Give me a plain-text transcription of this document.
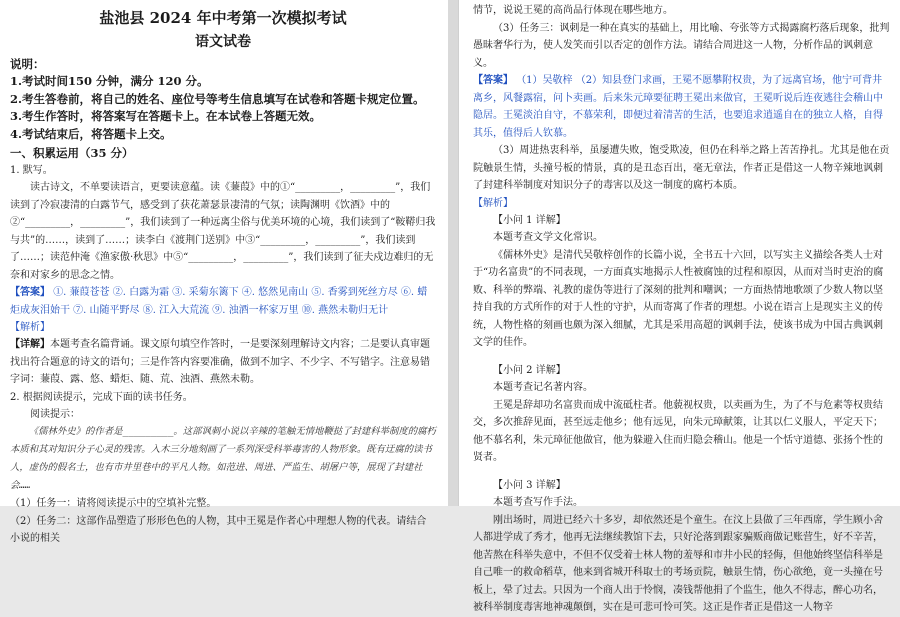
盐池县 2024 年中考第一次模拟考试
语文试卷
说明：
1.考试时间150 分钟，满分 120 分。
2.考生答卷前，将自己的姓名、座位号等考生信息填写在试卷和答题卡规定位置。
3.考生作答时，将答案写在答题卡上。在本试卷上答题无效。
4.考试结束后，将答题卡上交。
一、积累运用（35 分）
1. 默写。
读古诗文，不单要读语言，更要读意蕴。读《蒹葭》中的①“_________，_________”，我们读到了冷寂凄清的白露节气，感受到了获花萧瑟景凄清的气氛；读陶渊明《饮酒》中的②“_________，_________”，我们读到了一种远离尘俗与优美环境的心境，我们读到了“鞍鞯归我与共”的……，读到了……；读李白《渡荆门送别》中③“_________，_________”，我们读到了……；读范仲淹《渔家傲·秋思》中⑤“_________，_________”，我们读到了征夫戍边难归的无奈和对家乡的思念之情。
【答案】 ①. 蒹葭苍苍 ②. 白露为霜 ③. 采菊东篱下 ④. 悠然见南山 ⑤. 香雾到死丝方尽 ⑥. 蜡炬成灰泪始干 ⑦. 山随平野尽 ⑧. 江入大荒流 ⑨. 浊酒一杯家万里 ⑩. 燕然未勒归无计
【解析】
【详解】本题考查名篇背诵。课文原句填空作答时，一是要深刻理解诗文内容；二是要认真审题找出符合题意的诗文的语句；三是作答内容要准确，做到不加字、不少字、不写错字。注意易错字词：蒹葭、露、悠、蜡炬、随、荒、浊酒、燕然未勒。
2. 根据阅读提示，完成下面的读书任务。
阅读提示：
《儒林外史》的作者是_________。这部讽刺小说以辛辣的笔触无情地鞭挞了封建科举制度的腐朽本质和其对知识分子心灵的残害。入木三分地刻画了一系列深受科举毒害的人物形象。既有迂腐的读书人，虚伪的假名士，也有市井里巷中的平凡人物。如范进、周进、严监生、胡屠户等，展现了封建社会……
（1）任务一：请将阅读提示中的空填补完整。
（2）任务二：这部作品塑造了形形色色的人物，其中王冕是作者心中理想人物的代表。请结合小说的相关
情节，说说王冕的高尚品行体现在哪些地方。
（3）任务三：讽刺是一种在真实的基础上，用比喻、夸张等方式揭露腐朽落后现象，批判愚昧奢华行为，使人发笑而引以否定的创作方法。请结合周进这一人物，分析作品的讽刺意义。
【答案】 （1）吴敬梓 （2）知县登门求画，王冕不愿攀附权贵，为了远离官场，他宁可背井离乡，风餐露宿，问卜卖画。后来朱元璋要征聘王冕出来做官，王冕听说后连夜逃往会稽山中隐居。王冕淡泊自守，不慕荣利，即便过着清苦的生活，也要追求逍遥自在的独立人格，自得其乐，值得后人钦慕。
（3）周进热衷科举，虽屡遭失败，饱受欺凌，但仍在科举之路上苦苦挣扎。尤其是他在贡院触景生情，头撞号板的情景，真的是丑态百出，毫无章法，作者正是借这一人物辛辣地讽刺了封建科举制度对知识分子的毒害以及这一制度的腐朽本质。
【解析】
【小问 1 详解】
本题考查文学文化常识。
《儒林外史》是清代吴敬梓创作的长篇小说，全书五十六回，以写实主义描绘各类人士对于“功名富贵”的不同表现，一方面真实地揭示人性被腐蚀的过程和原因，从而对当时吏治的腐败、科举的弊端、礼教的虚伪等进行了深刻的批判和嘲讽；一方面热情地歌颂了少数人物以坚持自我的方式所作的对于人性的守护，从而寄寓了作者的理想。小说在语言上是现实主义的传统，人物性格的刻画也颇为深入细腻，尤其是采用高超的讽刺手法，使该书成为中国古典讽刺文学的佳作。
【小问 2 详解】
本题考查记名著内容。
王冕是辞却功名富贵而成中流砥柱者。他藐视权贵，以卖画为生，为了不与危素等权贵结交，多次推辞见面，甚至远走他乡；他有远见，向朱元璋献策，让其以仁义服人，平定天下；他不慕名利，朱元璋征他做官，他为躲避入住而归隐会稽山。他是一个恬守道德、张扬个性的贤者。
【小问 3 详解】
本题考查写作手法。
刚出场时，周进已经六十多岁，却依然还是个童生。在汶上县做了三年西席，学生顾小舍人都进学成了秀才，他再无法继续教馆下去，只好沦落到跟家骗贩商做记账营生，好不辛苦，他苦熬在科举失意中，不但不仅受着士林人物的羞辱和市井小民的轻侮，但他始终坚信科举是自己唯一的救命稻草，他来到省城开科取士的考场贡院，触景生情，伤心欲绝，竟一头撞在号板上，晕了过去。只因为一个商人出于怜悯，凑钱帮他捐了个监生，他久不得志，醉心功名，被科举制度毒害地神魂颠倒，实在是可悲可怜可笑。这正是作者正是借这一人物辛
